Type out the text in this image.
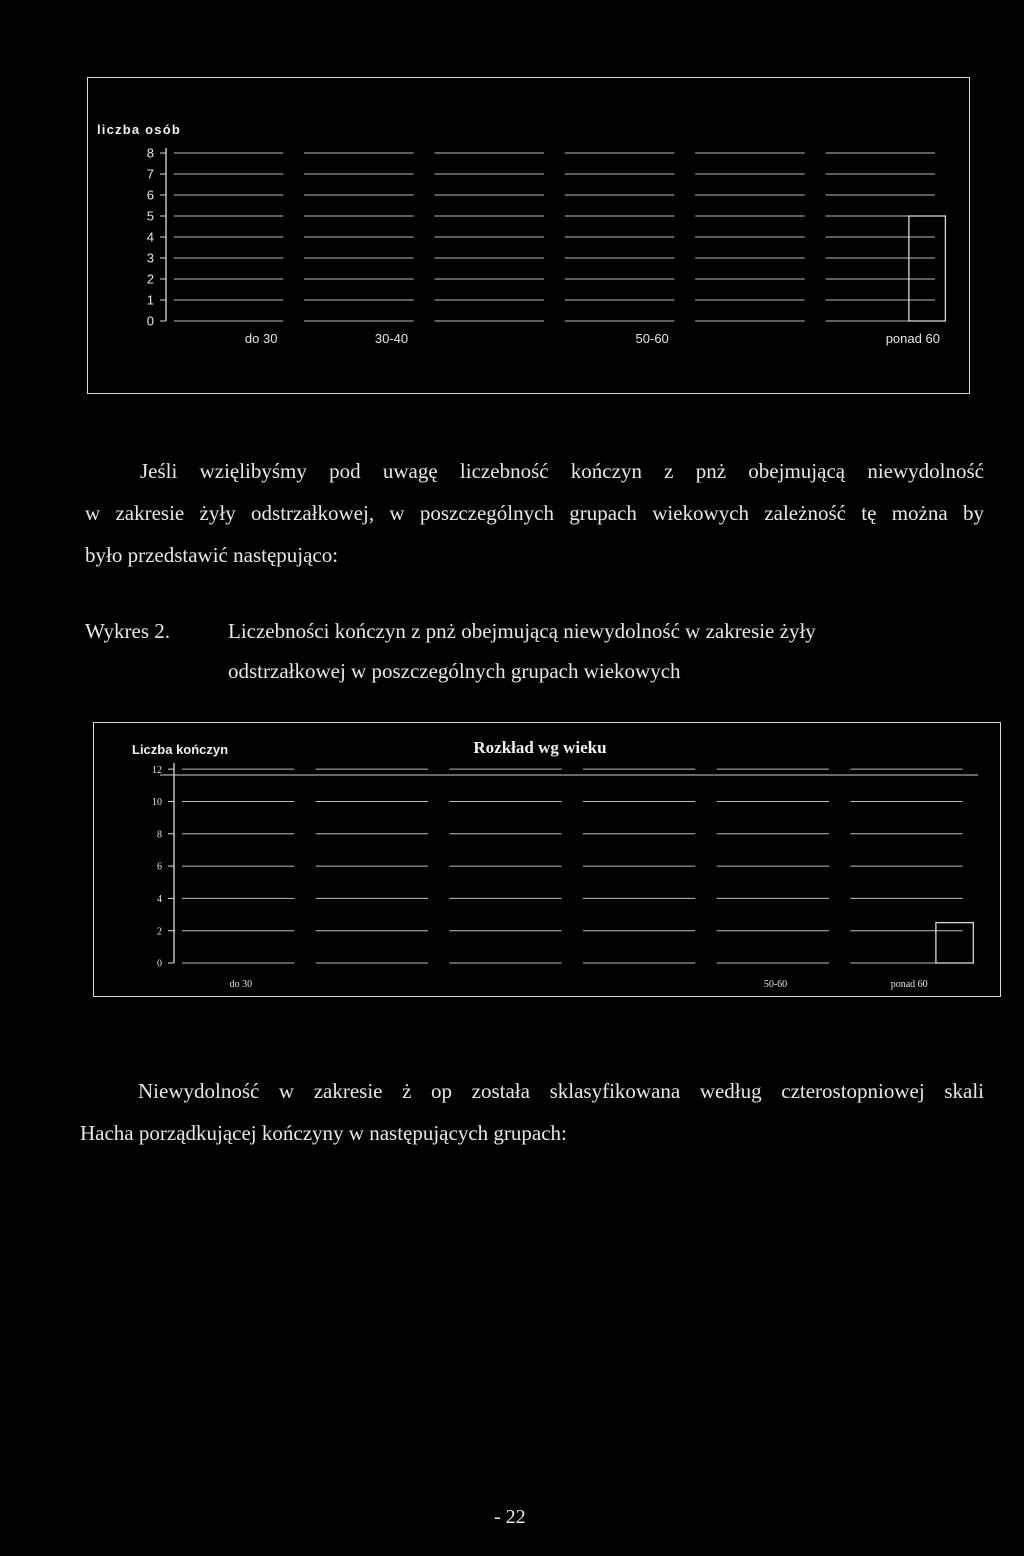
liczba osób
8
7
6
5
4
3
2
1
0
do 30	30-40	50-60	ponad 60

Jeśli wzięlibyśmy pod uwagę liczebność kończyn z pnż obejmującą niewydolność

w zakresie żyły odstrzałkowej, w poszczególnych grupach wiekowych zależność tę można by

było przedstawić następująco:

Wykres 2.	Liczebności kończyn z pnż obejmującą niewydolność w zakresie żyły

odstrzałkowej w poszczególnych grupach wiekowych

Liczba kończyn	Rozkład wg wieku
12
10
8
6
4
2
0
do 30	50-60	ponad 60

Niewydolność w zakresie ż op została sklasyfikowana według czterostopniowej skali

Hacha porządkującej kończyny w następujących grupach:

- 22
